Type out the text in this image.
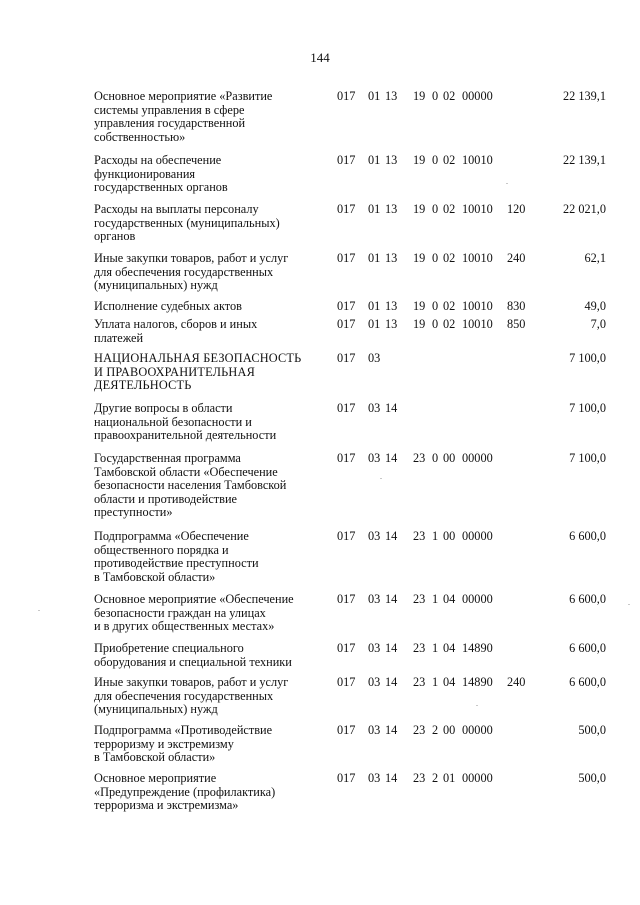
144
Основное мероприятие «Развитие
системы управления в сфере
управления государственной
собственностью»
017 01 13 19 0 02 00000	22 139,1
Расходы на обеспечение
функционирования
государственных органов
017 01 13 19 0 02 10010	22 139,1
Расходы на выплаты персоналу
государственных (муниципальных)
органов
017 01 13 19 0 02 10010 120	22 021,0
Иные закупки товаров, работ и услуг
для обеспечения государственных
(муниципальных) нужд
017 01 13 19 0 02 10010 240	62,1
Исполнение судебных актов	017 01 13 19 0 02 10010 830	49,0
Уплата налогов, сборов и иных
платежей
017 01 13 19 0 02 10010 850	7,0
НАЦИОНАЛЬНАЯ БЕЗОПАСНОСТЬ
И ПРАВООХРАНИТЕЛЬНАЯ
ДЕЯТЕЛЬНОСТЬ
017 03	7 100,0
Другие вопросы в области
национальной безопасности и
правоохранительной деятельности
017 03 14	7 100,0
Государственная программа
Тамбовской области «Обеспечение
безопасности населения Тамбовской
области и противодействие
преступности»
017 03 14 23 0 00 00000	7 100,0
Подпрограмма «Обеспечение
общественного порядка и
противодействие преступности
в Тамбовской области»
017 03 14 23 1 00 00000	6 600,0
Основное мероприятие «Обеспечение
безопасности граждан на улицах
и в других общественных местах»
017 03 14 23 1 04 00000	6 600,0
Приобретение специального
оборудования и специальной техники
017 03 14 23 1 04 14890	6 600,0
Иные закупки товаров, работ и услуг
для обеспечения государственных
(муниципальных) нужд
017 03 14 23 1 04 14890 240	6 600,0
Подпрограмма «Противодействие
терроризму и экстремизму
в Тамбовской области»
017 03 14 23 2 00 00000	500,0
Основное мероприятие
«Предупреждение (профилактика)
терроризма и экстремизма»
017 03 14 23 2 01 00000	500,0
